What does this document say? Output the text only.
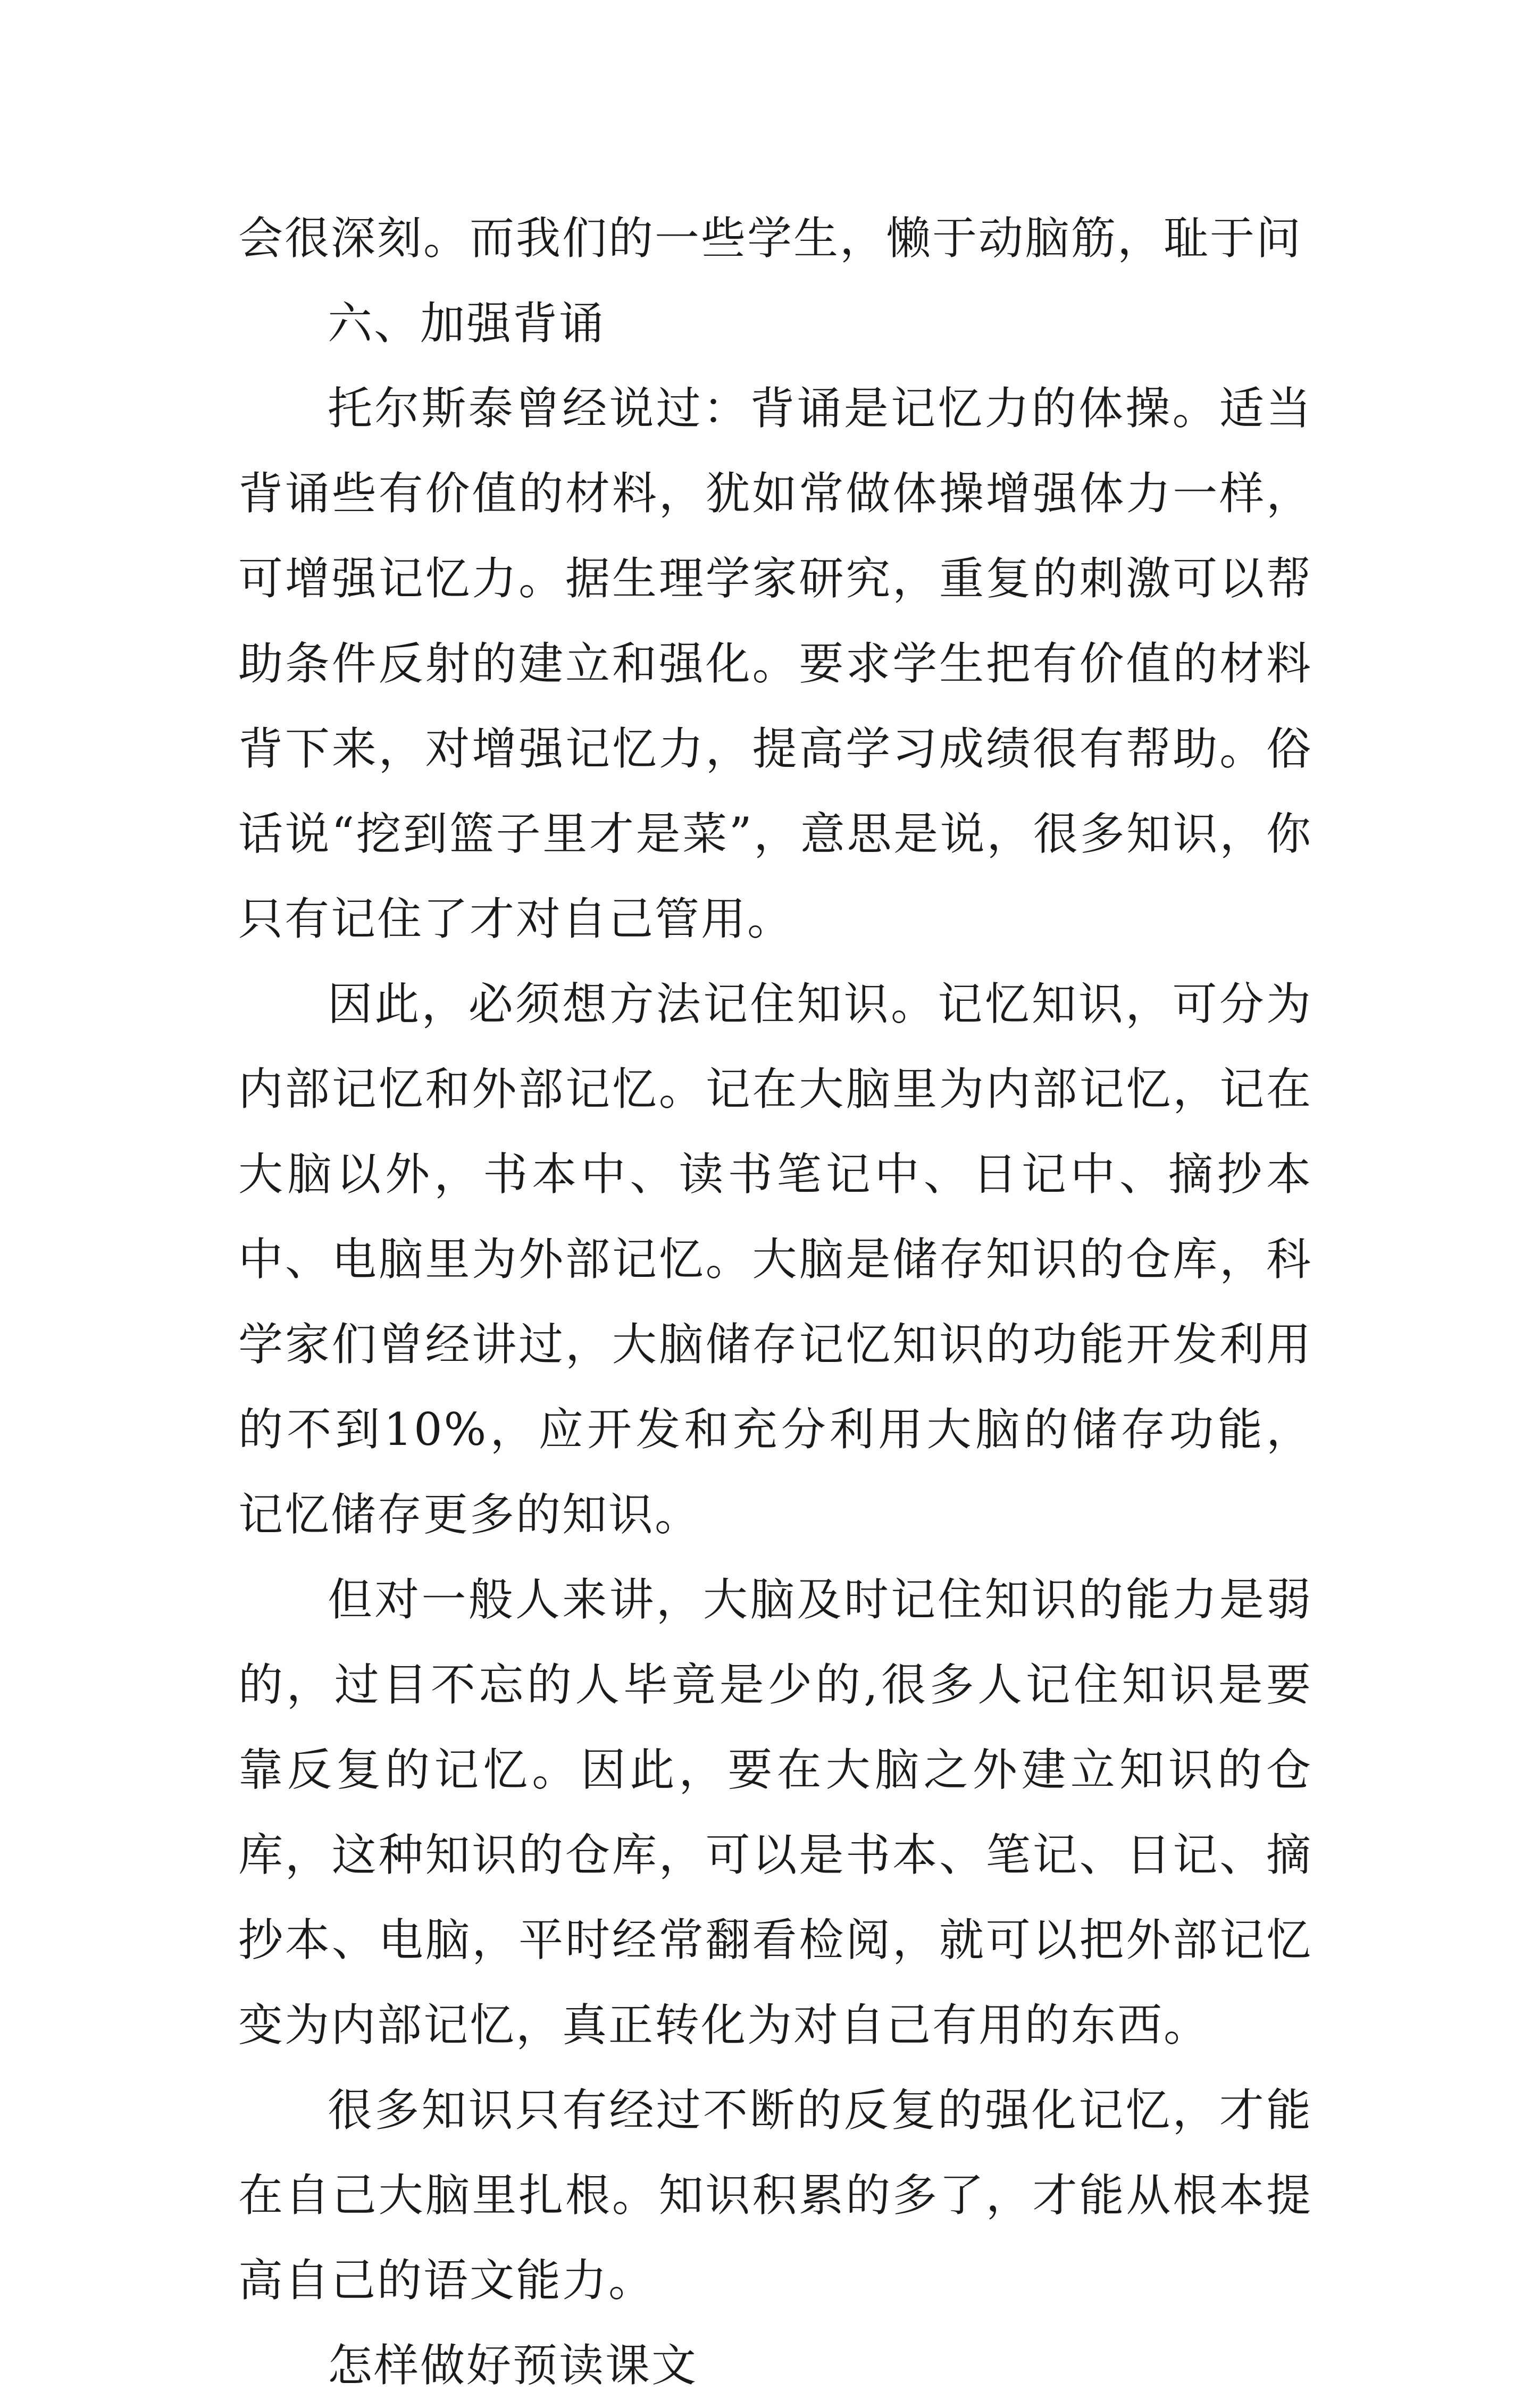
会很深刻。而我们的一些学生，懒于动脑筋，耻于问

六、加强背诵

托尔斯泰曾经说过：背诵是记忆力的体操。适当背诵些有价值的材料，犹如常做体操增强体力一样，可增强记忆力。据生理学家研究，重复的刺激可以帮助条件反射的建立和强化。要求学生把有价值的材料背下来，对增强记忆力，提高学习成绩很有帮助。俗话说“挖到篮子里才是菜”，意思是说，很多知识，你只有记住了才对自己管用。

因此，必须想方法记住知识。记忆知识，可分为内部记忆和外部记忆。记在大脑里为内部记忆，记在大脑以外，书本中、读书笔记中、日记中、摘抄本中、电脑里为外部记忆。大脑是储存知识的仓库，科学家们曾经讲过，大脑储存记忆知识的功能开发利用的不到10%，应开发和充分利用大脑的储存功能，记忆储存更多的知识。

但对一般人来讲，大脑及时记住知识的能力是弱的，过目不忘的人毕竟是少的,很多人记住知识是要靠反复的记忆。因此，要在大脑之外建立知识的仓库，这种知识的仓库，可以是书本、笔记、日记、摘抄本、电脑，平时经常翻看检阅，就可以把外部记忆变为内部记忆，真正转化为对自己有用的东西。

很多知识只有经过不断的反复的强化记忆，才能在自己大脑里扎根。知识积累的多了，才能从根本提高自己的语文能力。

怎样做好预读课文
